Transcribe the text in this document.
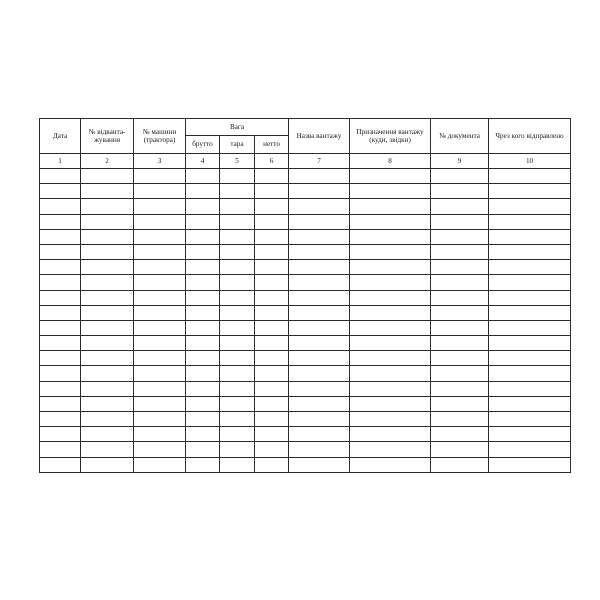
Дата	№ відванта-жування	№ машини (трактора)	Вага			Назва вантажу	Призначення вантажу (куди, звідки)	№ документа	Чрез кого відправлено

			брутто	тара	нетто				

1	2	3	4	5	6	7	8	9	10
